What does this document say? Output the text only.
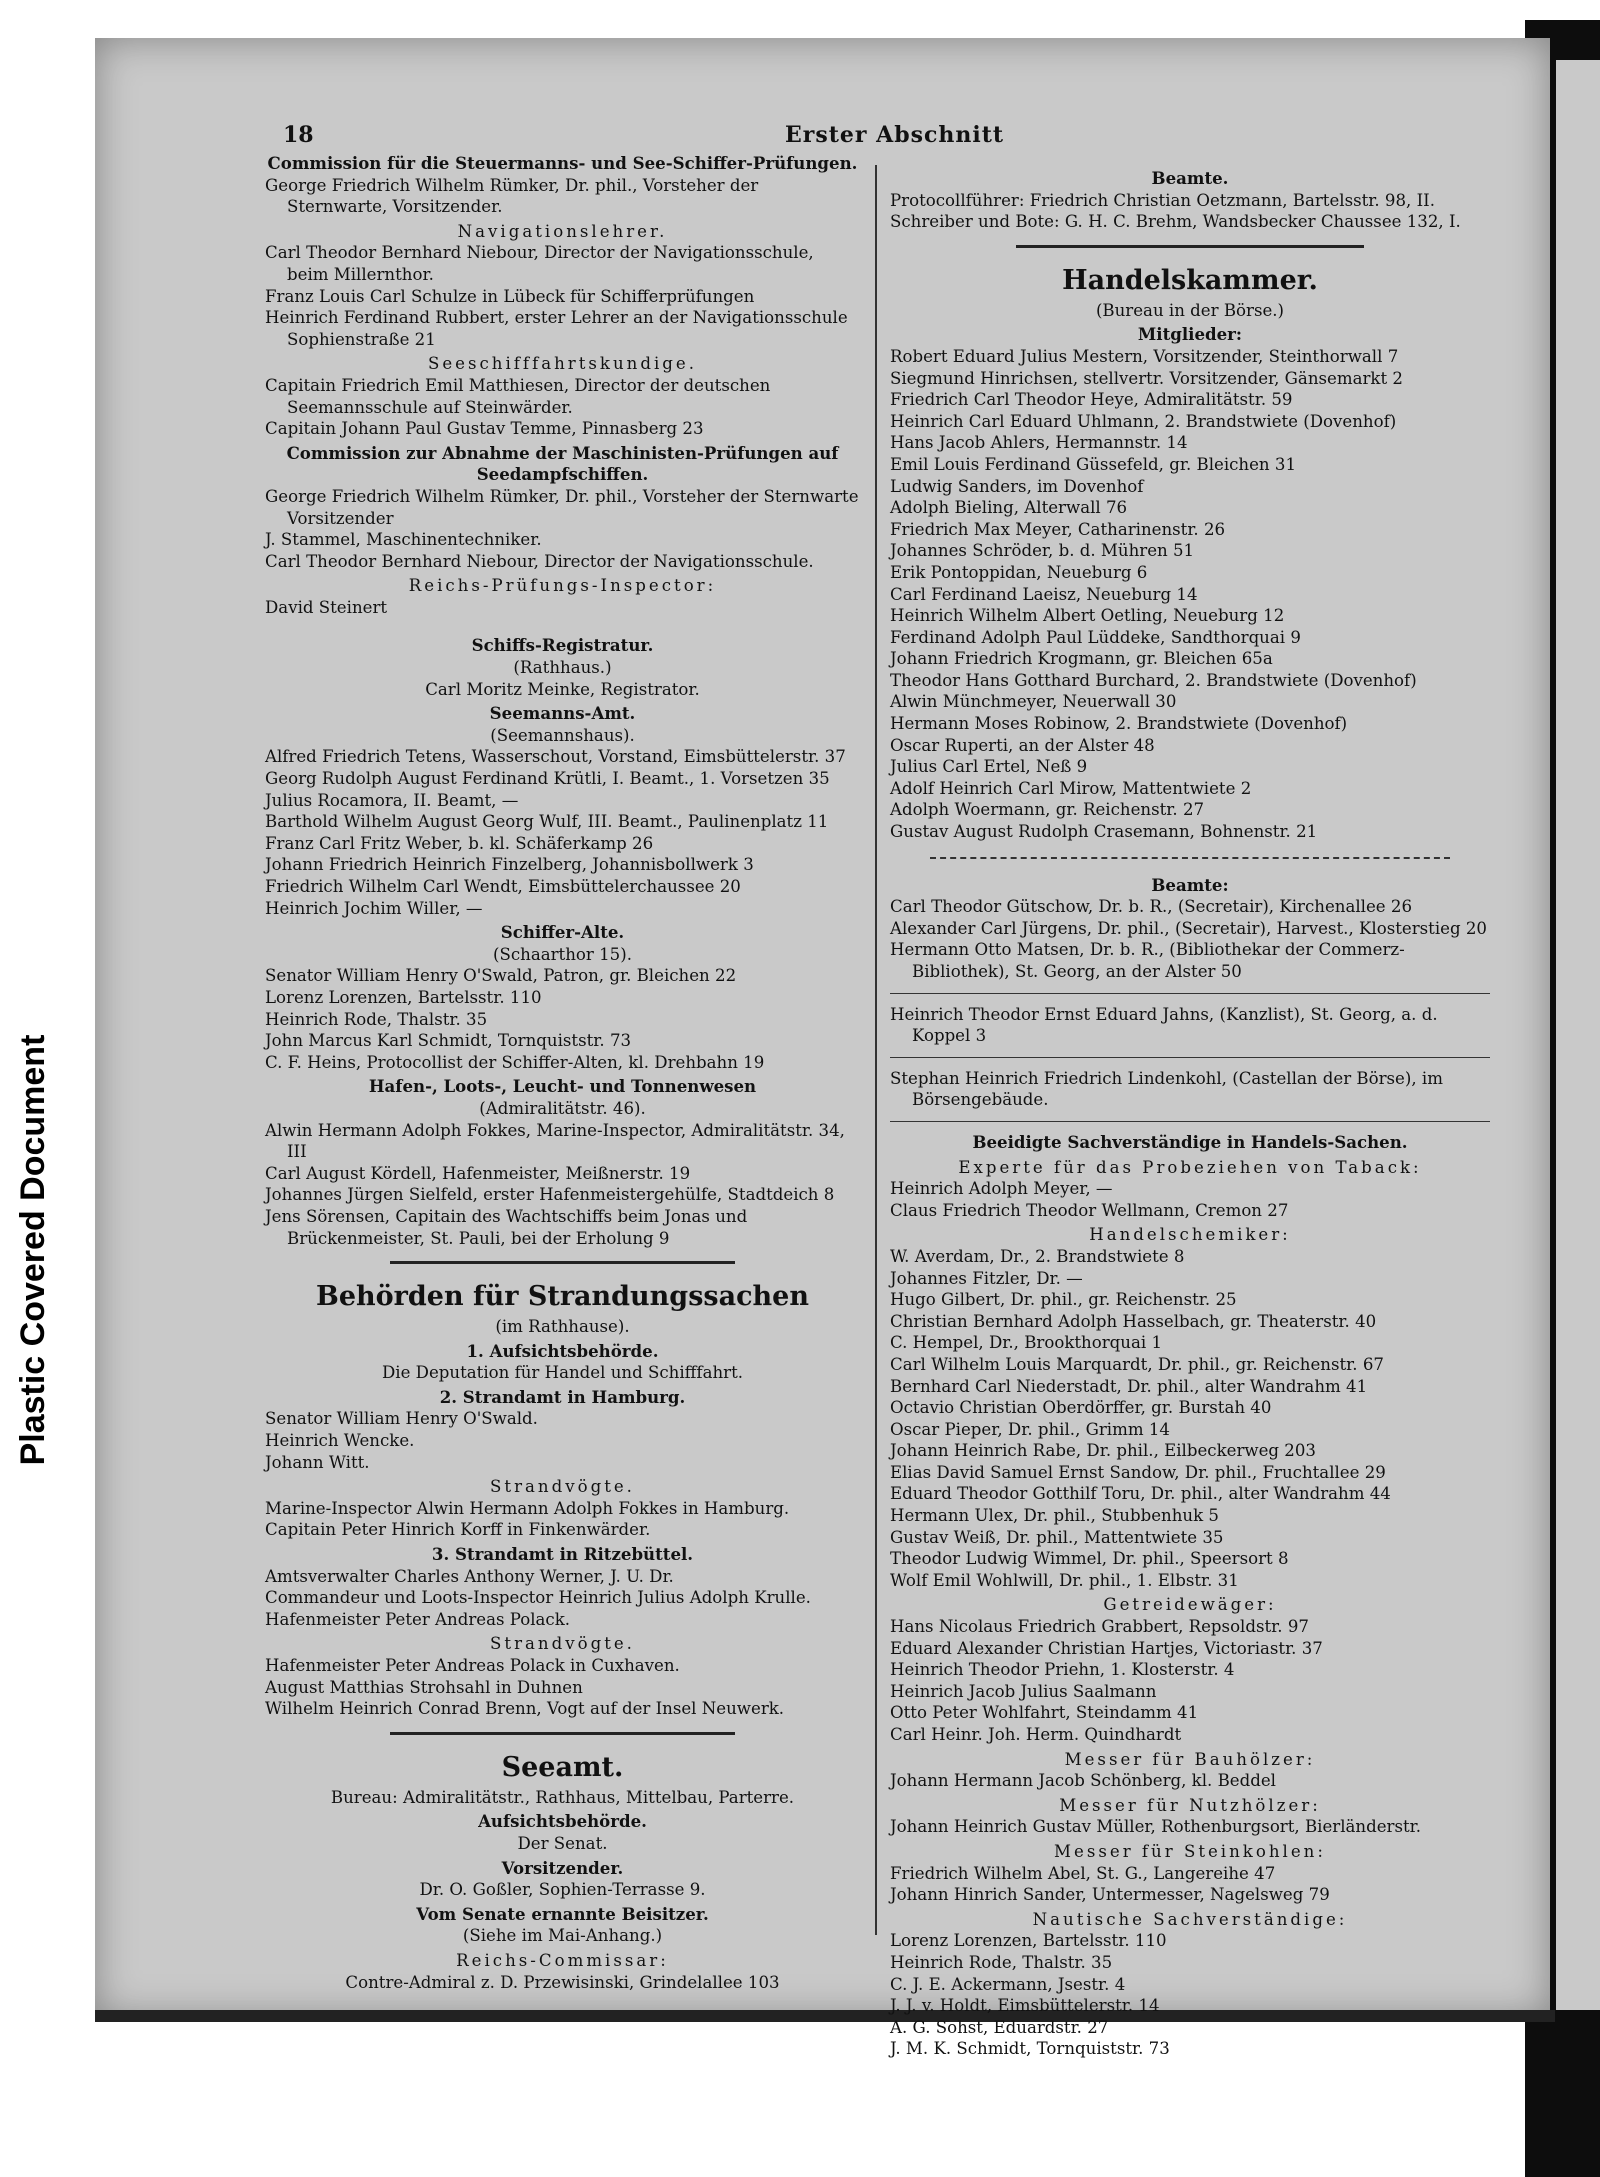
Plastic Covered Document
18	Erster Abschnitt
Commission für die Steuermanns- und See-Schiffer-Prüfungen.
George Friedrich Wilhelm Rümker, Dr. phil., Vorsteher der Sternwarte, Vorsitzender.
Navigationslehrer.
Carl Theodor Bernhard Niebour, Director der Navigationsschule, beim Millernthor.
Franz Louis Carl Schulze in Lübeck für Schifferprüfungen
Heinrich Ferdinand Rubbert, erster Lehrer an der Navigationsschule Sophienstraße 21
Seeschifffahrtskundige.
Capitain Friedrich Emil Matthiesen, Director der deutschen Seemannsschule auf Steinwärder.
Capitain Johann Paul Gustav Temme, Pinnasberg 23
Commission zur Abnahme der Maschinisten-Prüfungen auf Seedampfschiffen.
George Friedrich Wilhelm Rümker, Dr. phil., Vorsteher der Sternwarte Vorsitzender
J. Stammel, Maschinentechniker.
Carl Theodor Bernhard Niebour, Director der Navigationsschule.
Reichs-Prüfungs-Inspector:
David Steinert
Schiffs-Registratur.
(Rathhaus.)
Carl Moritz Meinke, Registrator.
Seemanns-Amt.
(Seemannshaus).
Alfred Friedrich Tetens, Wasserschout, Vorstand, Eimsbüttelerstr. 37
Georg Rudolph August Ferdinand Krütli, I. Beamt., 1. Vorsetzen 35
Julius Rocamora, II. Beamt, —
Barthold Wilhelm August Georg Wulf, III. Beamt., Paulinenplatz 11
Franz Carl Fritz Weber, b. kl. Schäferkamp 26
Johann Friedrich Heinrich Finzelberg, Johannisbollwerk 3
Friedrich Wilhelm Carl Wendt, Eimsbüttelerchaussee 20
Heinrich Jochim Willer, —
Schiffer-Alte.
(Schaarthor 15).
Senator William Henry O'Swald, Patron, gr. Bleichen 22
Lorenz Lorenzen, Bartelsstr. 110
Heinrich Rode, Thalstr. 35
John Marcus Karl Schmidt, Tornquiststr. 73
C. F. Heins, Protocollist der Schiffer-Alten, kl. Drehbahn 19
Hafen-, Loots-, Leucht- und Tonnenwesen
(Admiralitätstr. 46).
Alwin Hermann Adolph Fokkes, Marine-Inspector, Admiralitätstr. 34, III
Carl August Kördell, Hafenmeister, Meißnerstr. 19
Johannes Jürgen Sielfeld, erster Hafenmeistergehülfe, Stadtdeich 8
Jens Sörensen, Capitain des Wachtschiffs beim Jonas und Brückenmeister, St. Pauli, bei der Erholung 9
Behörden für Strandungssachen
(im Rathhause).
1. Aufsichtsbehörde.
Die Deputation für Handel und Schifffahrt.
2. Strandamt in Hamburg.
Senator William Henry O'Swald.
Heinrich Wencke.
Johann Witt.
Strandvögte.
Marine-Inspector Alwin Hermann Adolph Fokkes in Hamburg.
Capitain Peter Hinrich Korff in Finkenwärder.
3. Strandamt in Ritzebüttel.
Amtsverwalter Charles Anthony Werner, J. U. Dr.
Commandeur und Loots-Inspector Heinrich Julius Adolph Krulle.
Hafenmeister Peter Andreas Polack.
Strandvögte.
Hafenmeister Peter Andreas Polack in Cuxhaven.
August Matthias Strohsahl in Duhnen
Wilhelm Heinrich Conrad Brenn, Vogt auf der Insel Neuwerk.
Seeamt.
Bureau: Admiralitätstr., Rathhaus, Mittelbau, Parterre.
Aufsichtsbehörde.
Der Senat.
Vorsitzender.
Dr. O. Goßler, Sophien-Terrasse 9.
Vom Senate ernannte Beisitzer.
(Siehe im Mai-Anhang.)
Reichs-Commissar:
Contre-Admiral z. D. Przewisinski, Grindelallee 103
Beamte.
Protocollführer: Friedrich Christian Oetzmann, Bartelsstr. 98, II.
Schreiber und Bote: G. H. C. Brehm, Wandsbecker Chaussee 132, I.
Handelskammer.
(Bureau in der Börse.)
Mitglieder:
Robert Eduard Julius Mestern, Vorsitzender, Steinthorwall 7
Siegmund Hinrichsen, stellvertr. Vorsitzender, Gänsemarkt 2
Friedrich Carl Theodor Heye, Admiralitätstr. 59
Heinrich Carl Eduard Uhlmann, 2. Brandstwiete (Dovenhof)
Hans Jacob Ahlers, Hermannstr. 14
Emil Louis Ferdinand Güssefeld, gr. Bleichen 31
Ludwig Sanders, im Dovenhof
Adolph Bieling, Alterwall 76
Friedrich Max Meyer, Catharinenstr. 26
Johannes Schröder, b. d. Mühren 51
Erik Pontoppidan, Neueburg 6
Carl Ferdinand Laeisz, Neueburg 14
Heinrich Wilhelm Albert Oetling, Neueburg 12
Ferdinand Adolph Paul Lüddeke, Sandthorquai 9
Johann Friedrich Krogmann, gr. Bleichen 65a
Theodor Hans Gotthard Burchard, 2. Brandstwiete (Dovenhof)
Alwin Münchmeyer, Neuerwall 30
Hermann Moses Robinow, 2. Brandstwiete (Dovenhof)
Oscar Ruperti, an der Alster 48
Julius Carl Ertel, Neß 9
Adolf Heinrich Carl Mirow, Mattentwiete 2
Adolph Woermann, gr. Reichenstr. 27
Gustav August Rudolph Crasemann, Bohnenstr. 21
Beamte:
Carl Theodor Gütschow, Dr. b. R., (Secretair), Kirchenallee 26
Alexander Carl Jürgens, Dr. phil., (Secretair), Harvest., Klosterstieg 20
Hermann Otto Matsen, Dr. b. R., (Bibliothekar der Commerz-Bibliothek), St. Georg, an der Alster 50
Heinrich Theodor Ernst Eduard Jahns, (Kanzlist), St. Georg, a. d. Koppel 3
Stephan Heinrich Friedrich Lindenkohl, (Castellan der Börse), im Börsengebäude.
Beeidigte Sachverständige in Handels-Sachen.
Experte für das Probeziehen von Taback:
Heinrich Adolph Meyer, —
Claus Friedrich Theodor Wellmann, Cremon 27
Handelschemiker:
W. Averdam, Dr., 2. Brandstwiete 8
Johannes Fitzler, Dr. —
Hugo Gilbert, Dr. phil., gr. Reichenstr. 25
Christian Bernhard Adolph Hasselbach, gr. Theaterstr. 40
C. Hempel, Dr., Brookthorquai 1
Carl Wilhelm Louis Marquardt, Dr. phil., gr. Reichenstr. 67
Bernhard Carl Niederstadt, Dr. phil., alter Wandrahm 41
Octavio Christian Oberdörffer, gr. Burstah 40
Oscar Pieper, Dr. phil., Grimm 14
Johann Heinrich Rabe, Dr. phil., Eilbeckerweg 203
Elias David Samuel Ernst Sandow, Dr. phil., Fruchtallee 29
Eduard Theodor Gotthilf Toru, Dr. phil., alter Wandrahm 44
Hermann Ulex, Dr. phil., Stubbenhuk 5
Gustav Weiß, Dr. phil., Mattentwiete 35
Theodor Ludwig Wimmel, Dr. phil., Speersort 8
Wolf Emil Wohlwill, Dr. phil., 1. Elbstr. 31
Getreidewäger:
Hans Nicolaus Friedrich Grabbert, Repsoldstr. 97
Eduard Alexander Christian Hartjes, Victoriastr. 37
Heinrich Theodor Priehn, 1. Klosterstr. 4
Heinrich Jacob Julius Saalmann
Otto Peter Wohlfahrt, Steindamm 41
Carl Heinr. Joh. Herm. Quindhardt
Messer für Bauhölzer:
Johann Hermann Jacob Schönberg, kl. Beddel
Messer für Nutzhölzer:
Johann Heinrich Gustav Müller, Rothenburgsort, Bierländerstr.
Messer für Steinkohlen:
Friedrich Wilhelm Abel, St. G., Langereihe 47
Johann Hinrich Sander, Untermesser, Nagelsweg 79
Nautische Sachverständige:
Lorenz Lorenzen, Bartelsstr. 110
Heinrich Rode, Thalstr. 35
C. J. E. Ackermann, Jsestr. 4
J. J. v. Holdt, Eimsbüttelerstr. 14
A. G. Sohst, Eduardstr. 27
J. M. K. Schmidt, Tornquiststr. 73
